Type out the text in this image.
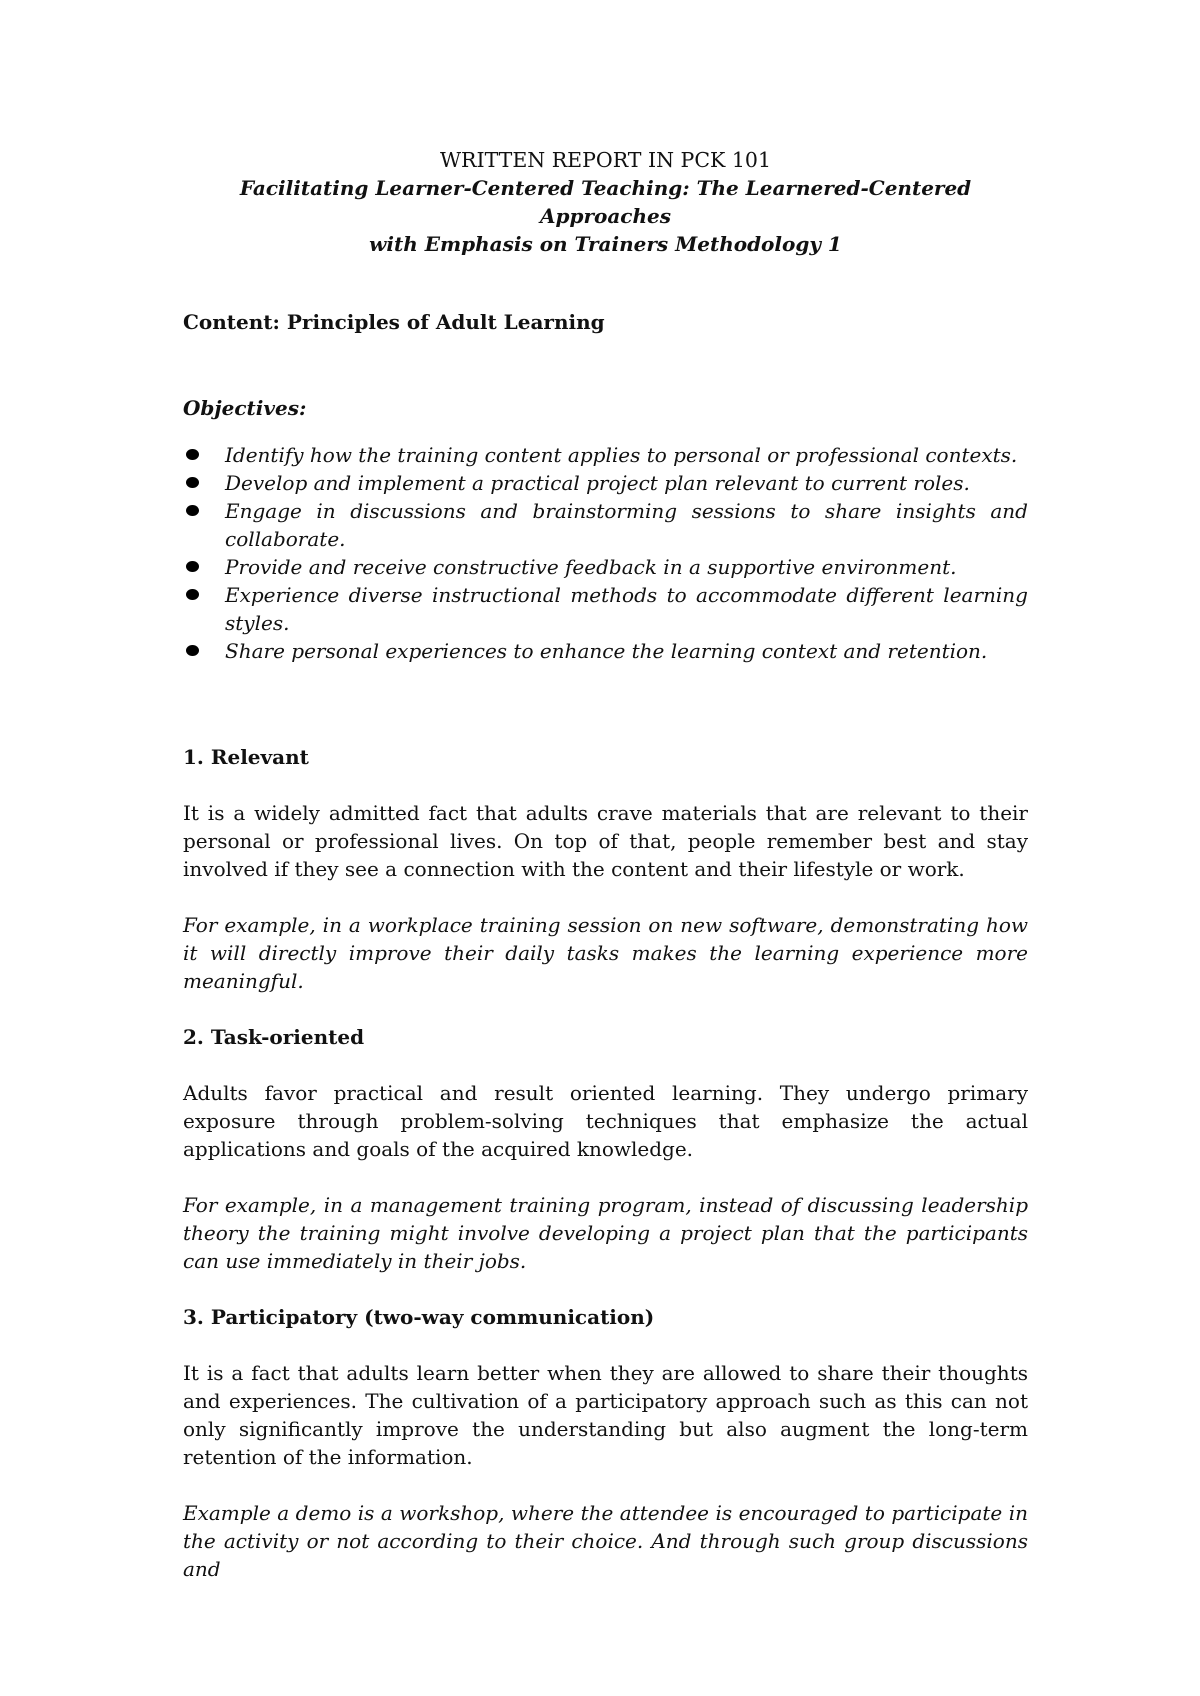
WRITTEN REPORT IN PCK 101
Facilitating Learner-Centered Teaching: The Learnered-Centered Approaches
with Emphasis on Trainers Methodology 1
Content: Principles of Adult Learning
Objectives:
Identify how the training content applies to personal or professional contexts.
Develop and implement a practical project plan relevant to current roles.
Engage in discussions and brainstorming sessions to share insights and collaborate.
Provide and receive constructive feedback in a supportive environment.
Experience diverse instructional methods to accommodate different learning styles.
Share personal experiences to enhance the learning context and retention.
1. Relevant

It is a widely admitted fact that adults crave materials that are relevant to their personal or professional lives. On top of that, people remember best and stay involved if they see a connection with the content and their lifestyle or work.

For example, in a workplace training session on new software, demonstrating how it will directly improve their daily tasks makes the learning experience more meaningful.

2. Task-oriented

Adults favor practical and result oriented learning. They undergo primary exposure through problem-solving techniques that emphasize the actual applications and goals of the acquired knowledge.

For example, in a management training program, instead of discussing leadership theory the training might involve developing a project plan that the participants can use immediately in their jobs.

3. Participatory (two-way communication)

It is a fact that adults learn better when they are allowed to share their thoughts and experiences. The cultivation of a participatory approach such as this can not only significantly improve the understanding but also augment the long-term retention of the information.

Example a demo is a workshop, where the attendee is encouraged to participate in the activity or not according to their choice. And through such group discussions and
